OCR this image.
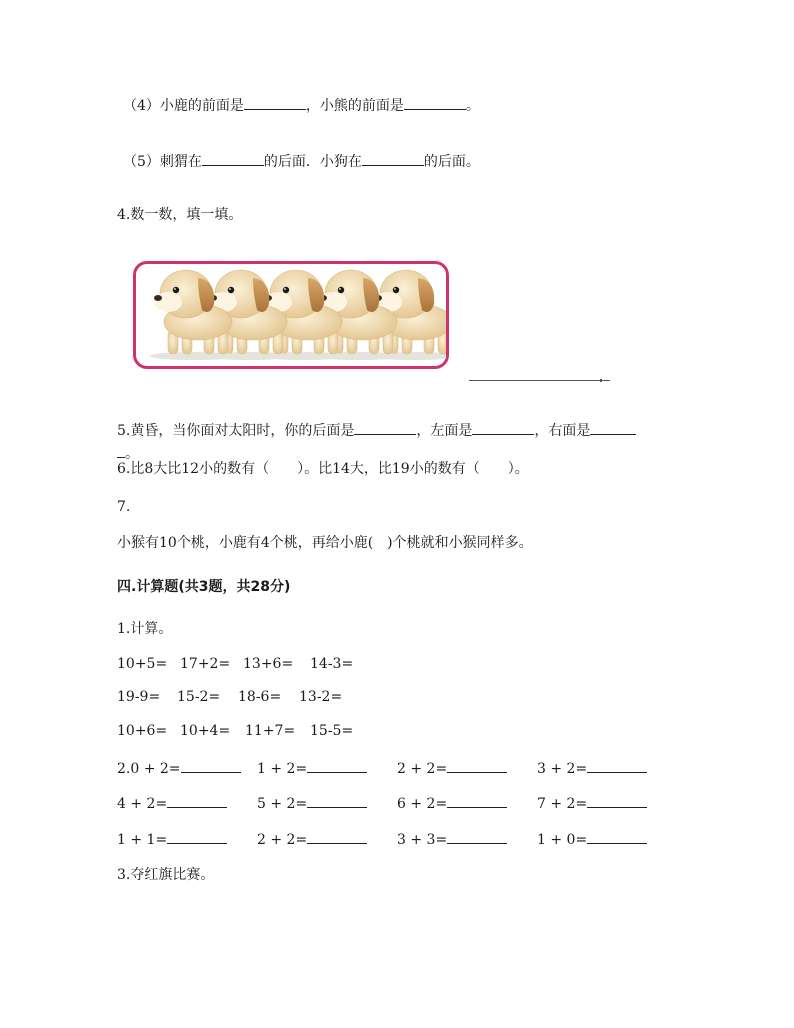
（4）小鹿的前面是	，小熊的前面是	。
（5）刺猬在	的后面．小狗在	的后面。
4.数一数，填一填。
5.黄昏，当你面对太阳时，你的后面是	，左面是	，右面是
。
6.比8大比12小的数有（　　）。比14大，比19小的数有（　　）。
7.
小猴有10个桃，小鹿有4个桃，再给小鹿(　)个桃就和小猴同样多。
四.计算题(共3题，共28分)
1.计算。
10+5= 17+2= 13+6= 14-3=
19-9= 15-2= 18-6= 13-2=
10+6= 10+4= 11+7= 15-5=
2.0 + 2=	1 + 2=	2 + 2=	3 + 2=
4 + 2=	5 + 2=	6 + 2=	7 + 2=
1 + 1=	2 + 2=	3 + 3=	1 + 0=
3.夺红旗比赛。
